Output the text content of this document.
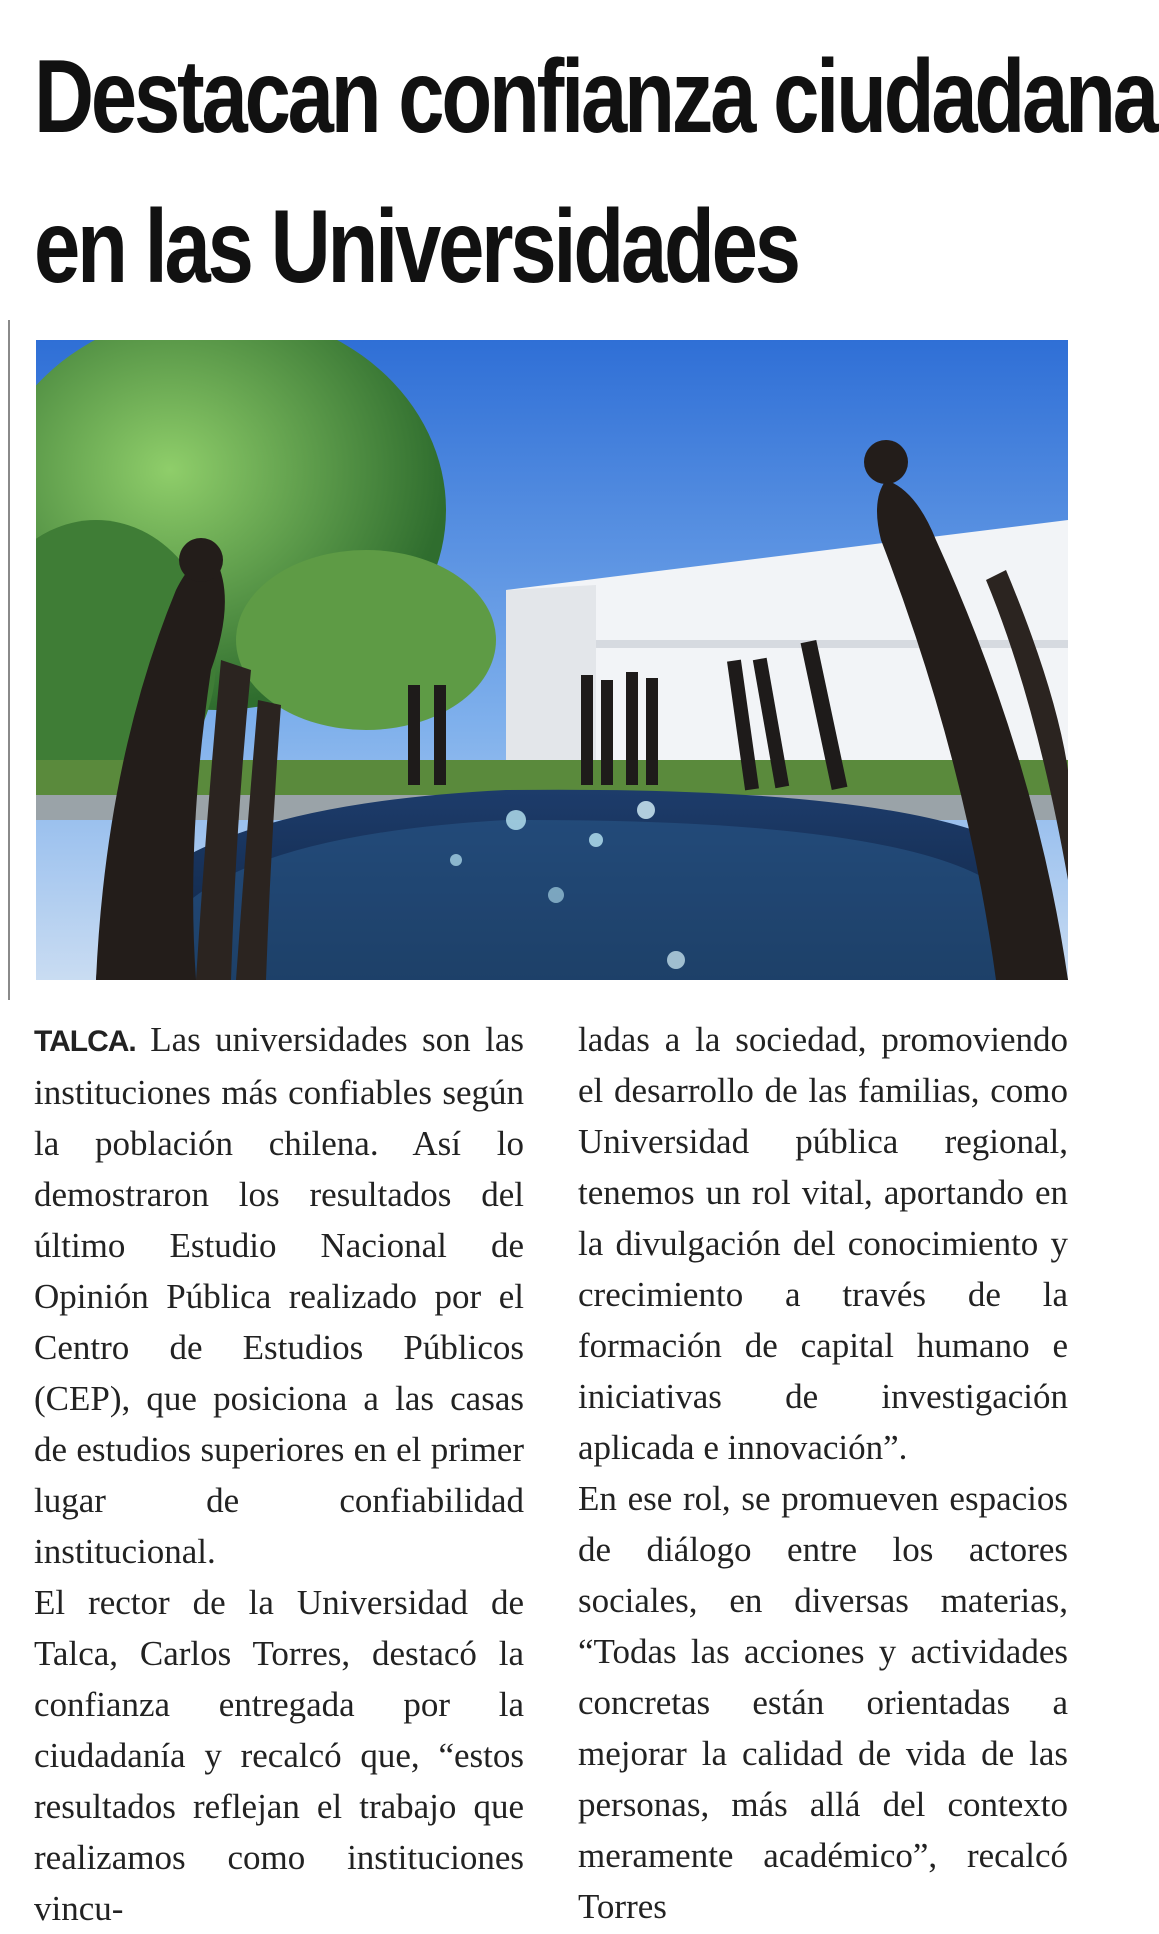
Destacan confianza ciudadana
en las Universidades

TALCA. Las universidades son las instituciones más confiables según la población chilena. Así lo demostraron los resultados del último Estudio Nacional de Opinión Pública realizado por el Centro de Estudios Públicos (CEP), que posiciona a las casas de estudios superiores en el primer lugar de confiabilidad institucional.

El rector de la Universidad de Talca, Carlos Torres, destacó la confianza entregada por la ciudadanía y recalcó que, “estos resultados reflejan el trabajo que realizamos como instituciones vincu-

ladas a la sociedad, promoviendo el desarrollo de las familias, como Universidad pública regional, tenemos un rol vital, aportando en la divulgación del conocimiento y crecimiento a través de la formación de capital humano e iniciativas de investigación aplicada e innovación”.

En ese rol, se promueven espacios de diálogo entre los actores sociales, en diversas materias, “Todas las acciones y actividades concretas están orientadas a mejorar la calidad de vida de las personas, más allá del contexto meramente académico”, recalcó Torres
